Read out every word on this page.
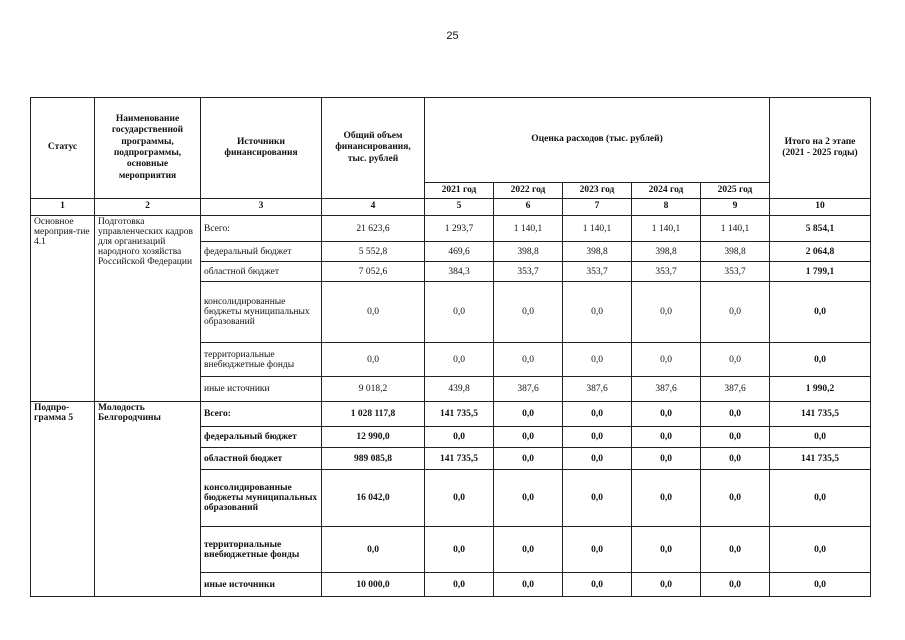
25
Статус	Наименование государственной программы, подпрограммы, основные мероприятия	Источники финансирования	Общий объем финансирования, тыс. рублей	Оценка расходов (тыс. рублей)					Итого на 2 этапе (2021 - 2025 годы)
				2021 год	2022 год	2023 год	2024 год	2025 год	
1	2	3	4	5	6	7	8	9	10
Основное мероприя-тие 4.1	Подготовка управленческих кадров для организаций народного хозяйства Российской Федерации	Всего:	21 623,6	1 293,7	1 140,1	1 140,1	1 140,1	1 140,1	5 854,1
		федеральный бюджет	5 552,8	469,6	398,8	398,8	398,8	398,8	2 064,8
		областной бюджет	7 052,6	384,3	353,7	353,7	353,7	353,7	1 799,1
		консолидированные бюджеты муниципальных образований	0,0	0,0	0,0	0,0	0,0	0,0	0,0
		территориальные внебюджетные фонды	0,0	0,0	0,0	0,0	0,0	0,0	0,0
		иные источники	9 018,2	439,8	387,6	387,6	387,6	387,6	1 990,2
Подпро-грамма 5	Молодость Белгородчины	Всего:	1 028 117,8	141 735,5	0,0	0,0	0,0	0,0	141 735,5
		федеральный бюджет	12 990,0	0,0	0,0	0,0	0,0	0,0	0,0
		областной бюджет	989 085,8	141 735,5	0,0	0,0	0,0	0,0	141 735,5
		консолидированные бюджеты муниципальных образований	16 042,0	0,0	0,0	0,0	0,0	0,0	0,0
		территориальные внебюджетные фонды	0,0	0,0	0,0	0,0	0,0	0,0	0,0
		иные источники	10 000,0	0,0	0,0	0,0	0,0	0,0	0,0
